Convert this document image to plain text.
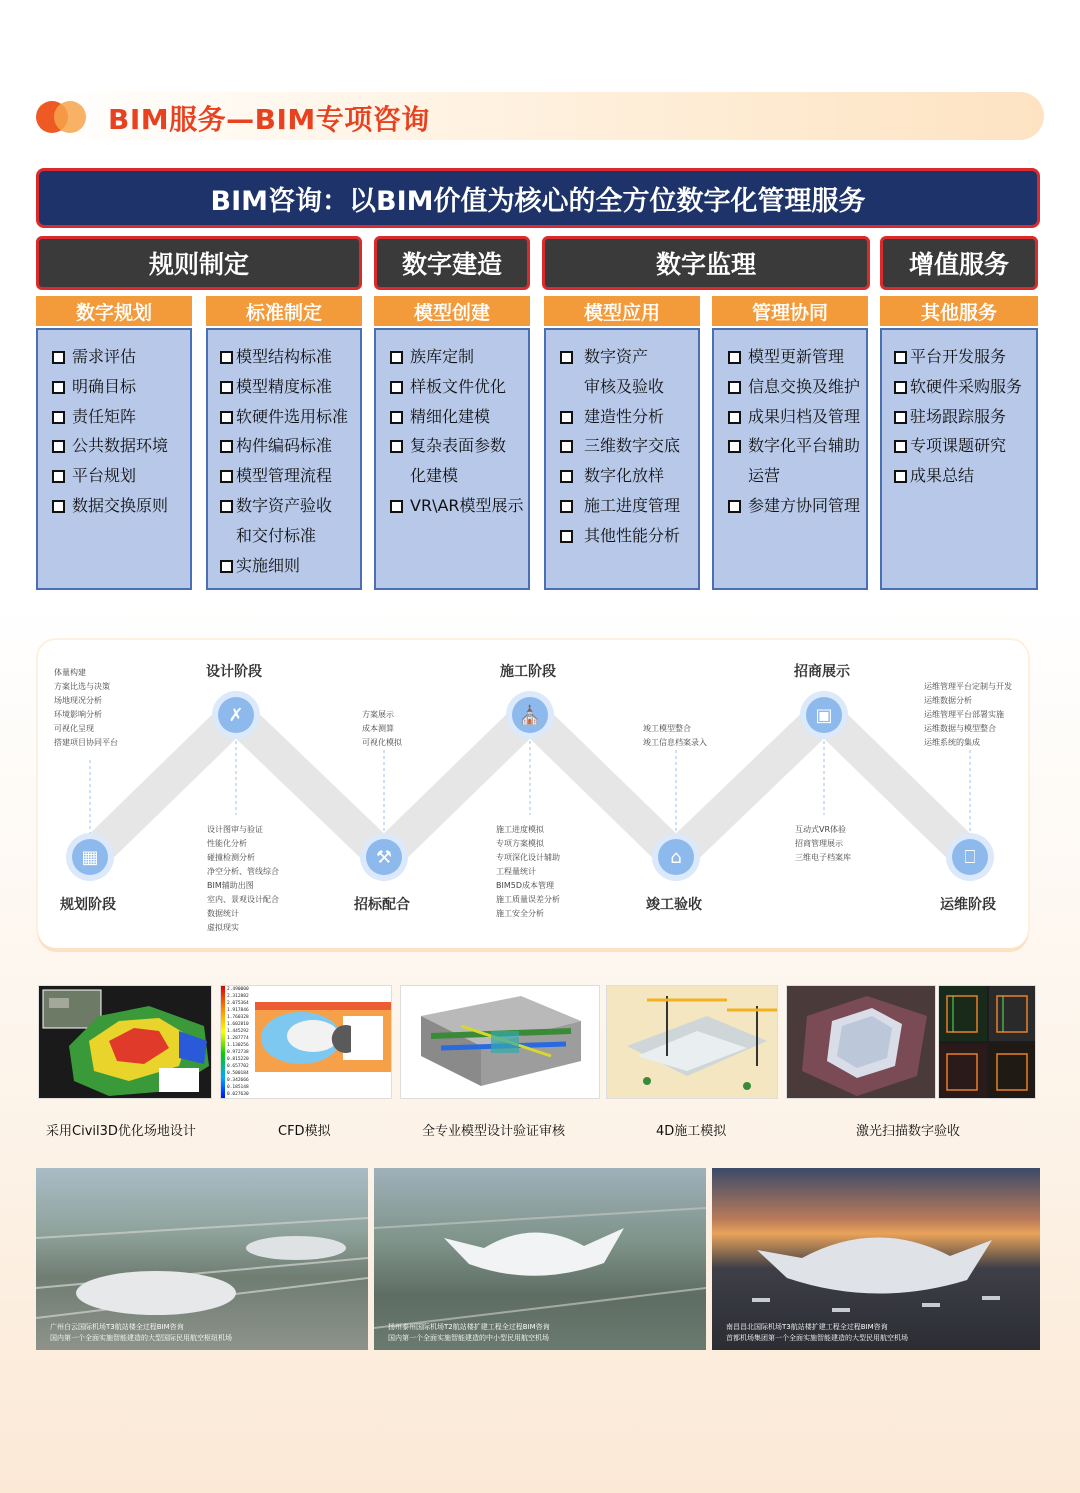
BIM服务—BIM专项咨询
BIM咨询：以BIM价值为核心的全方位数字化管理服务
规则制定	数字建造	数字监理	增值服务
数字规划	标准制定	模型创建	模型应用	管理协同	其他服务
需求评估
明确目标
责任矩阵
公共数据环境
平台规划
数据交换原则
模型结构标准
模型精度标准
软硬件选用标准
构件编码标准
模型管理流程
数字资产验收
和交付标准
实施细则
族库定制
样板文件优化
精细化建模
复杂表面参数
化建模
VR\AR模型展示
数字资产
审核及验收
建造性分析
三维数字交底
数字化放样
施工进度管理
其他性能分析
模型更新管理
信息交换及维护
成果归档及管理
数字化平台辅助
运营
参建方协同管理
平台开发服务
软硬件采购服务
驻场跟踪服务
专项课题研究
成果总结
▦
✗
⚒
⛪
⌂
▣
⎕
规划阶段
设计阶段
招标配合
施工阶段
竣工验收
招商展示
运维阶段
体量构建
方案比选与决策
场地现况分析
环境影响分析
可视化呈现
搭建项目协同平台
设计图审与验证
性能化分析
碰撞检测分析
净空分析、管线综合
BIM辅助出图
室内、景观设计配合
数据统计
虚拟现实
方案展示
成本测算
可视化模拟
施工进度模拟
专项方案模拟
专项深化设计辅助
工程量统计
BIM5D成本管理
施工质量误差分析
施工安全分析
竣工模型整合
竣工信息档案录入
互动式VR体验
招商管理展示
三维电子档案库
运维管理平台定制与开发
运维数据分析
运维管理平台部署实施
运维数据与模型整合
运维系统的集成
2.490000
2.312882
2.075364
1.917846
1.760328
1.602810
1.445292
1.287774
1.130256
0.972738
0.815220
0.657702
0.500184
0.342666
0.185148
0.027630
采用Civil3D优化场地设计	CFD模拟	全专业模型设计验证审核	4D施工模拟	激光扫描数字验收
广州白云国际机场T3航站楼全过程BIM咨询
国内第一个全面实施智能建造的大型国际民用航空枢纽机场
扬州泰州国际机场T2航站楼扩建工程全过程BIM咨询
国内第一个全面实施智能建造的中小型民用航空机场
南昌昌北国际机场T3航站楼扩建工程全过程BIM咨询
首都机场集团第一个全面实施智能建造的大型民用航空机场
